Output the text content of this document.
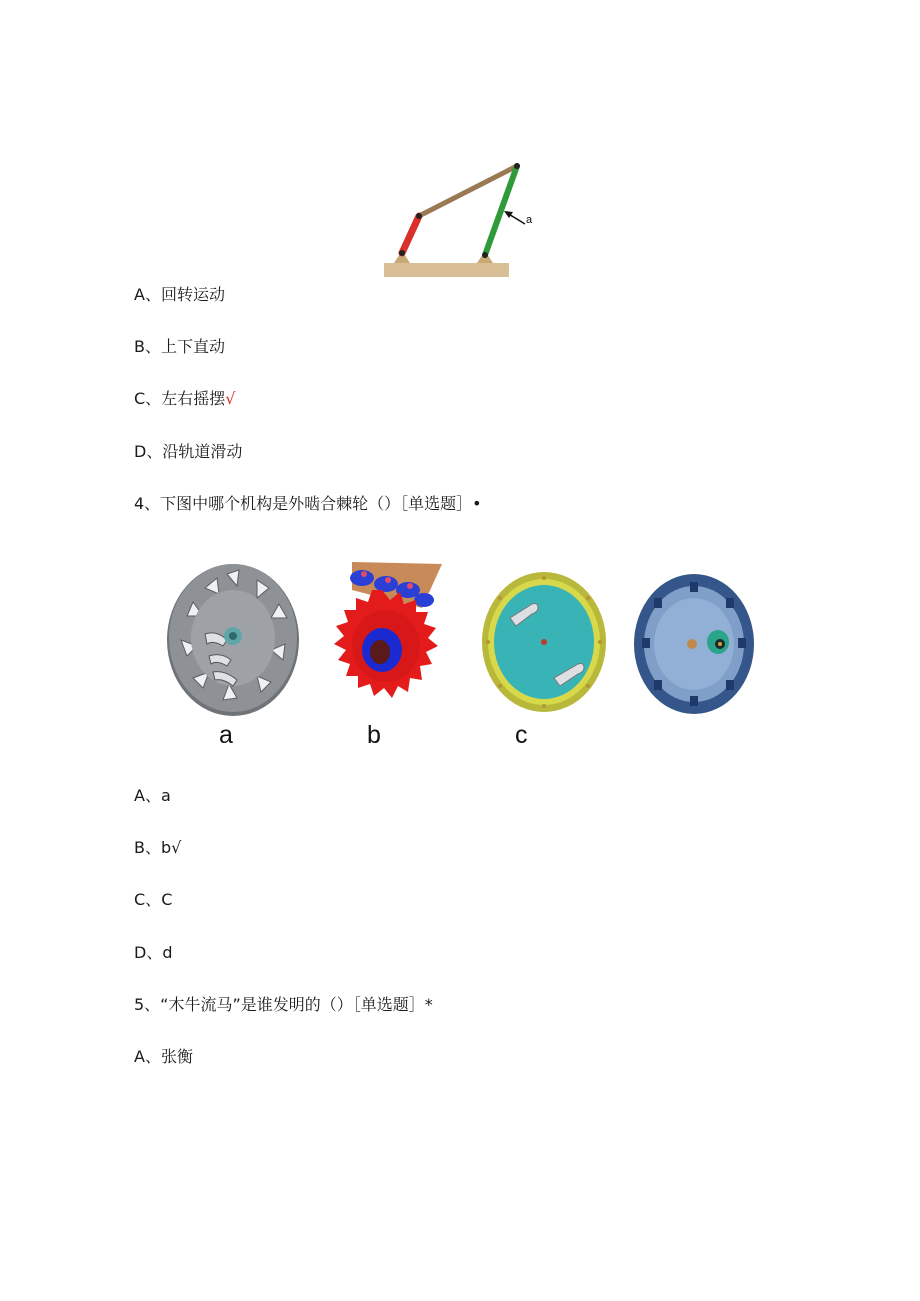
a
A、回转运动
B、上下直动
C、左右摇摆√
D、沿轨道滑动
4、下图中哪个机构是外啮合棘轮（）［单选题］•
a	b	c
A、a
B、b√
C、C
D、d
5、“木牛流马”是谁发明的（）［单选题］*
A、张衡
